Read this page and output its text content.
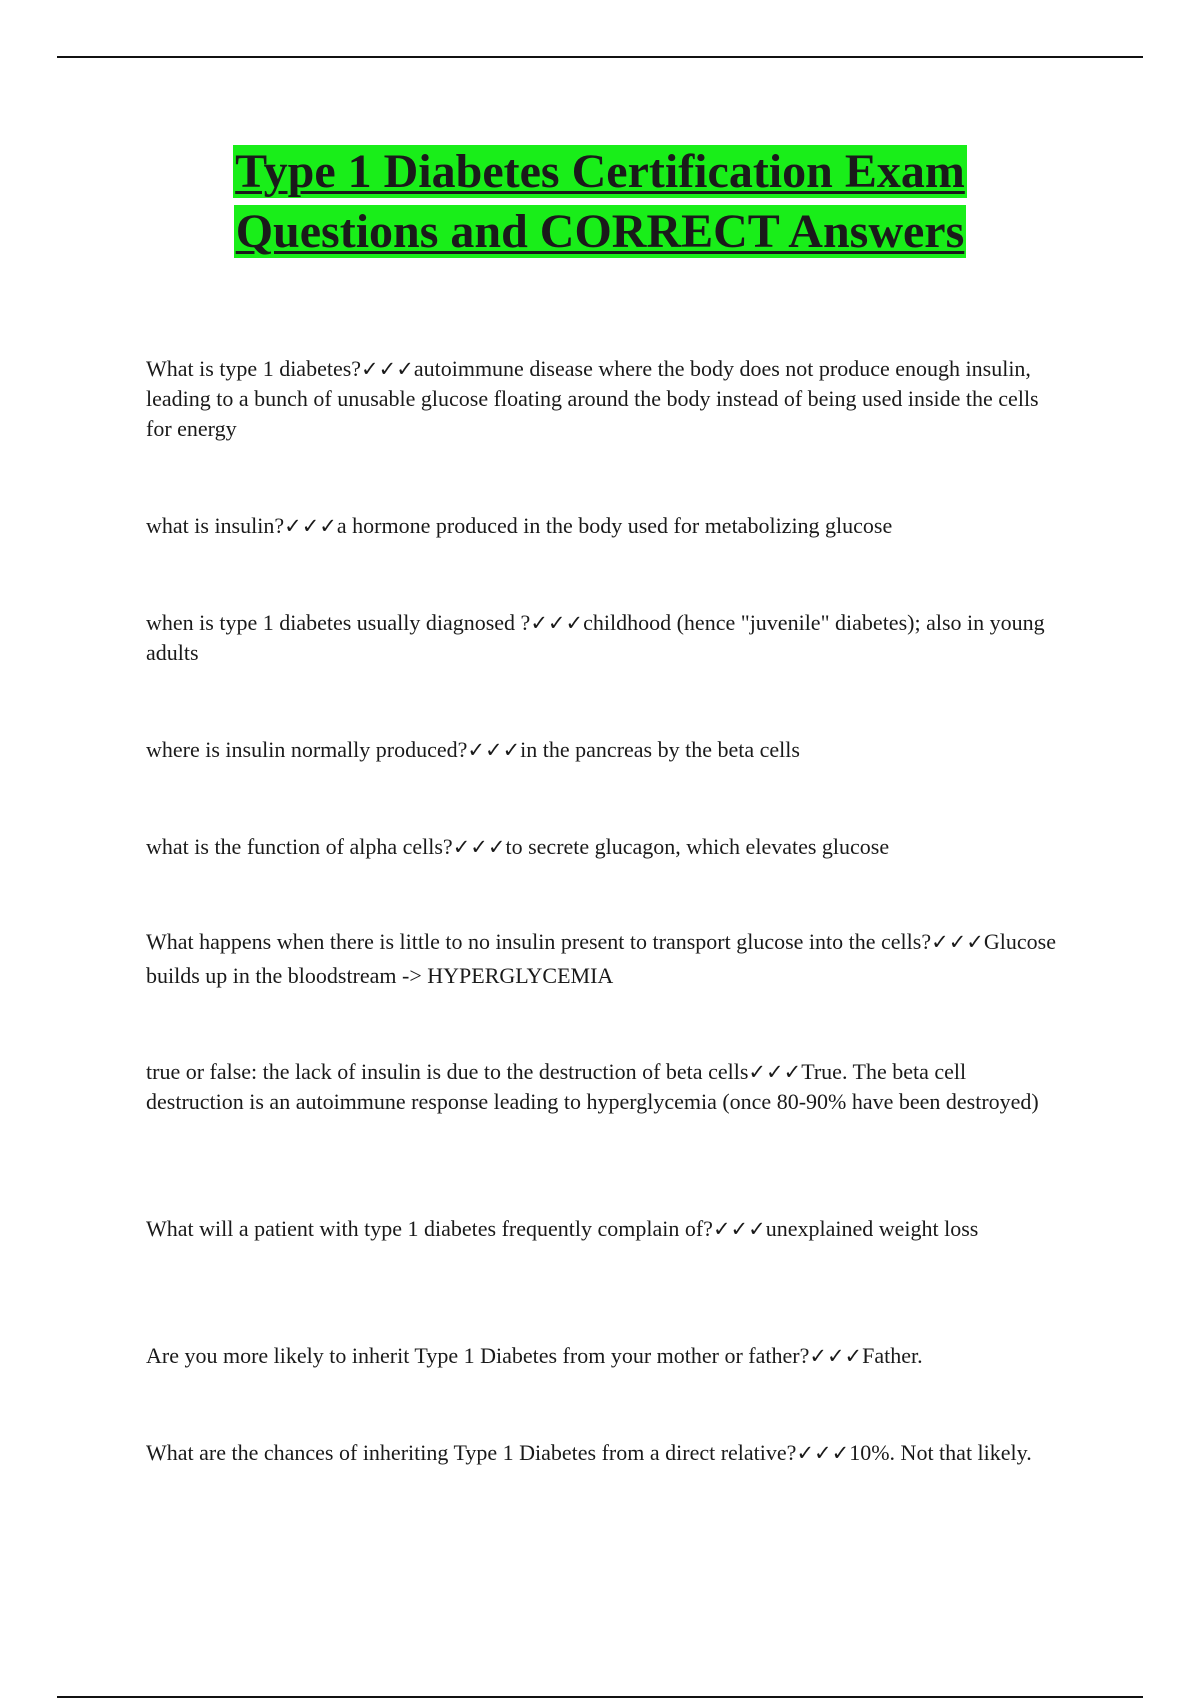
Type 1 Diabetes Certification Exam
Questions and CORRECT Answers

What is type 1 diabetes?✓✓✓autoimmune disease where the body does not produce enough insulin, leading to a bunch of unusable glucose floating around the body instead of being used inside the cells for energy

what is insulin?✓✓✓a hormone produced in the body used for metabolizing glucose

when is type 1 diabetes usually diagnosed ?✓✓✓childhood (hence "juvenile" diabetes); also in young adults

where is insulin normally produced?✓✓✓in the pancreas by the beta cells

what is the function of alpha cells?✓✓✓to secrete glucagon, which elevates glucose

What happens when there is little to no insulin present to transport glucose into the cells?✓✓✓Glucose builds up in the bloodstream -> HYPERGLYCEMIA

true or false: the lack of insulin is due to the destruction of beta cells✓✓✓True. The beta cell destruction is an autoimmune response leading to hyperglycemia (once 80-90% have been destroyed)

What will a patient with type 1 diabetes frequently complain of?✓✓✓unexplained weight loss

Are you more likely to inherit Type 1 Diabetes from your mother or father?✓✓✓Father.

What are the chances of inheriting Type 1 Diabetes from a direct relative?✓✓✓10%. Not that likely.
